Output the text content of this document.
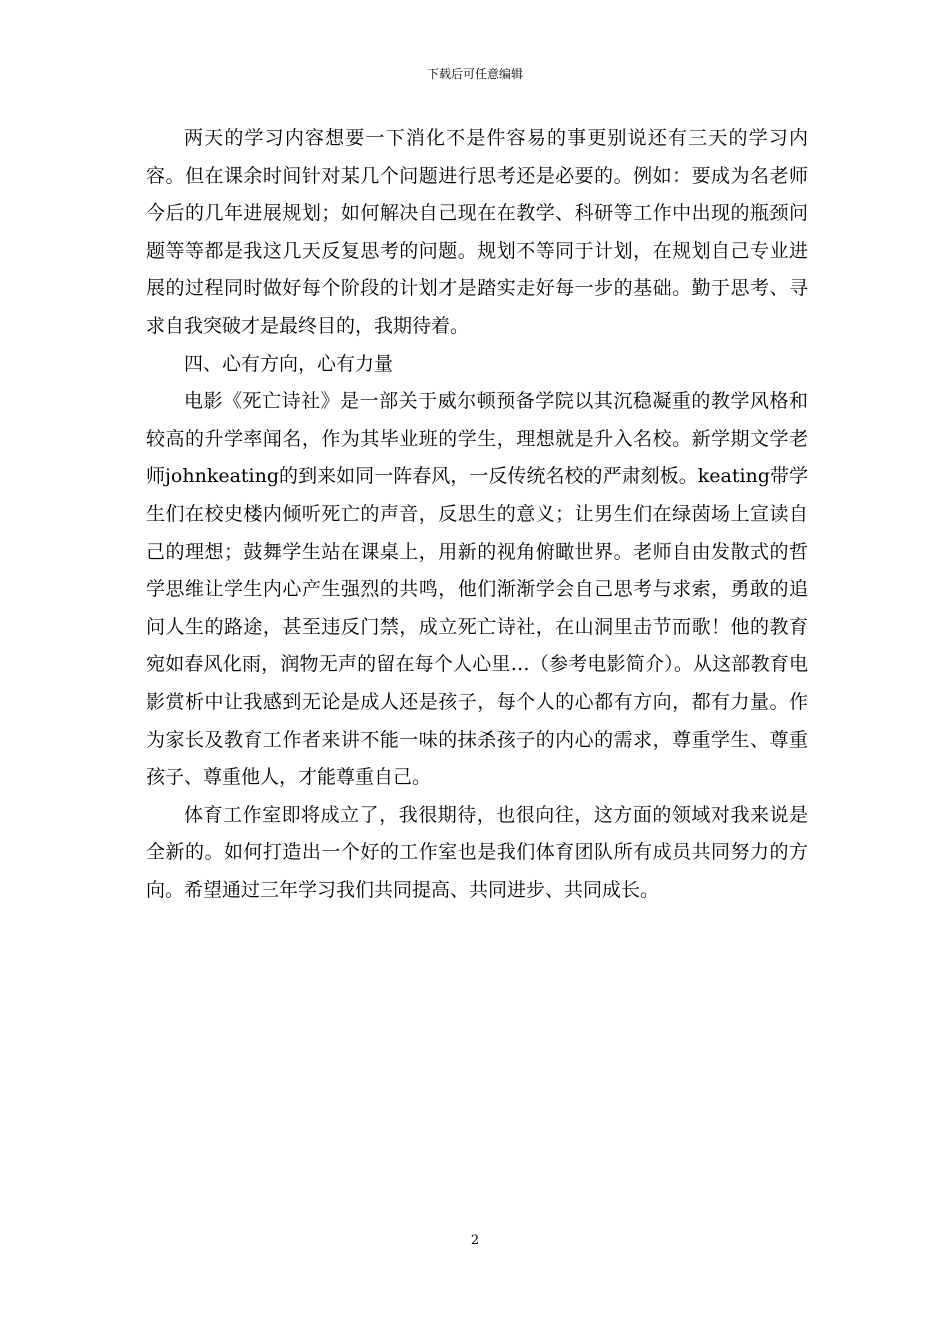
下载后可任意编辑

两天的学习内容想要一下消化不是件容易的事更别说还有三天的学习内容。但在课余时间针对某几个问题进行思考还是必要的。例如：要成为名老师今后的几年进展规划；如何解决自己现在在教学、科研等工作中出现的瓶颈问题等等都是我这几天反复思考的问题。规划不等同于计划，在规划自己专业进展的过程同时做好每个阶段的计划才是踏实走好每一步的基础。勤于思考、寻求自我突破才是最终目的，我期待着。

四、心有方向，心有力量

电影《死亡诗社》是一部关于威尔顿预备学院以其沉稳凝重的教学风格和较高的升学率闻名，作为其毕业班的学生，理想就是升入名校。新学期文学老师johnkeating的到来如同一阵春风，一反传统名校的严肃刻板。keating带学生们在校史楼内倾听死亡的声音，反思生的意义；让男生们在绿茵场上宣读自己的理想；鼓舞学生站在课桌上，用新的视角俯瞰世界。老师自由发散式的哲学思维让学生内心产生强烈的共鸣，他们渐渐学会自己思考与求索，勇敢的追问人生的路途，甚至违反门禁，成立死亡诗社，在山洞里击节而歌！他的教育宛如春风化雨，润物无声的留在每个人心里…（参考电影简介）。从这部教育电影赏析中让我感到无论是成人还是孩子，每个人的心都有方向，都有力量。作为家长及教育工作者来讲不能一味的抹杀孩子的内心的需求，尊重学生、尊重孩子、尊重他人，才能尊重自己。

体育工作室即将成立了，我很期待，也很向往，这方面的领域对我来说是全新的。如何打造出一个好的工作室也是我们体育团队所有成员共同努力的方向。希望通过三年学习我们共同提高、共同进步、共同成长。

2
